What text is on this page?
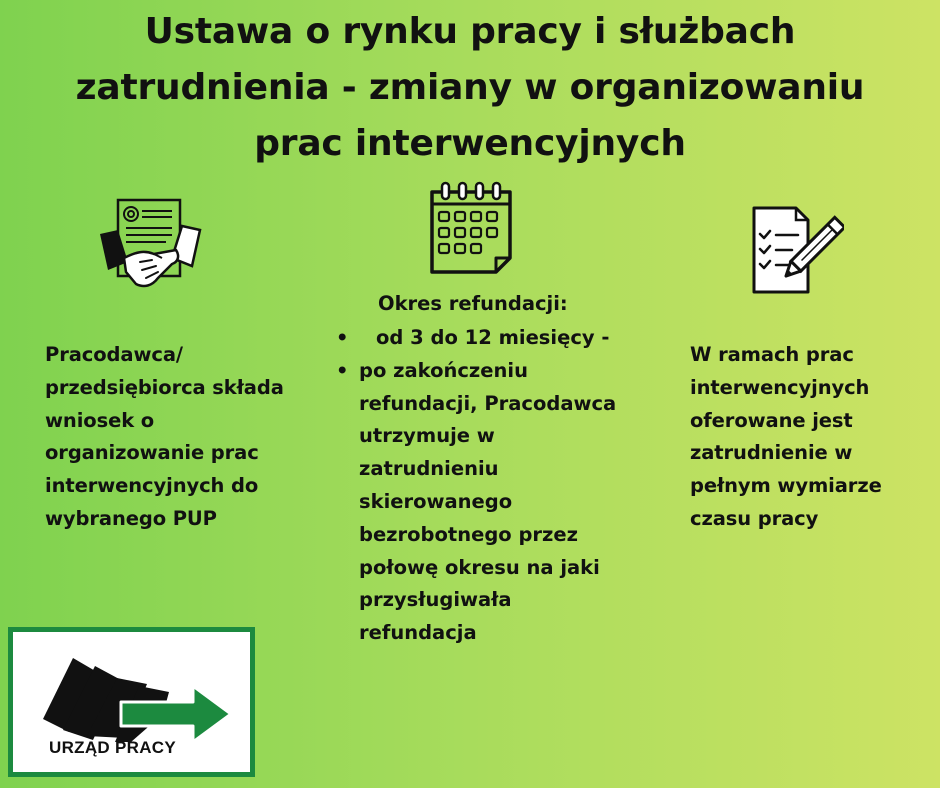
Ustawa o rynku pracy i służbach
zatrudnienia - zmiany w organizowaniu
prac interwencyjnych
Pracodawca/
przedsiębiorca składa
wniosek o
organizowanie prac
interwencyjnych do
wybranego PUP

Okres refundacji:

• od 3 do 12 miesięcy -
• po zakończeniu
refundacji, Pracodawca
utrzymuje w
zatrudnieniu
skierowanego
bezrobotnego przez
połowę okresu na jaki
przysługiwała
refundacja
W ramach prac
interwencyjnych
oferowane jest
zatrudnienie w
pełnym wymiarze
czasu pracy
URZĄD PRACY
